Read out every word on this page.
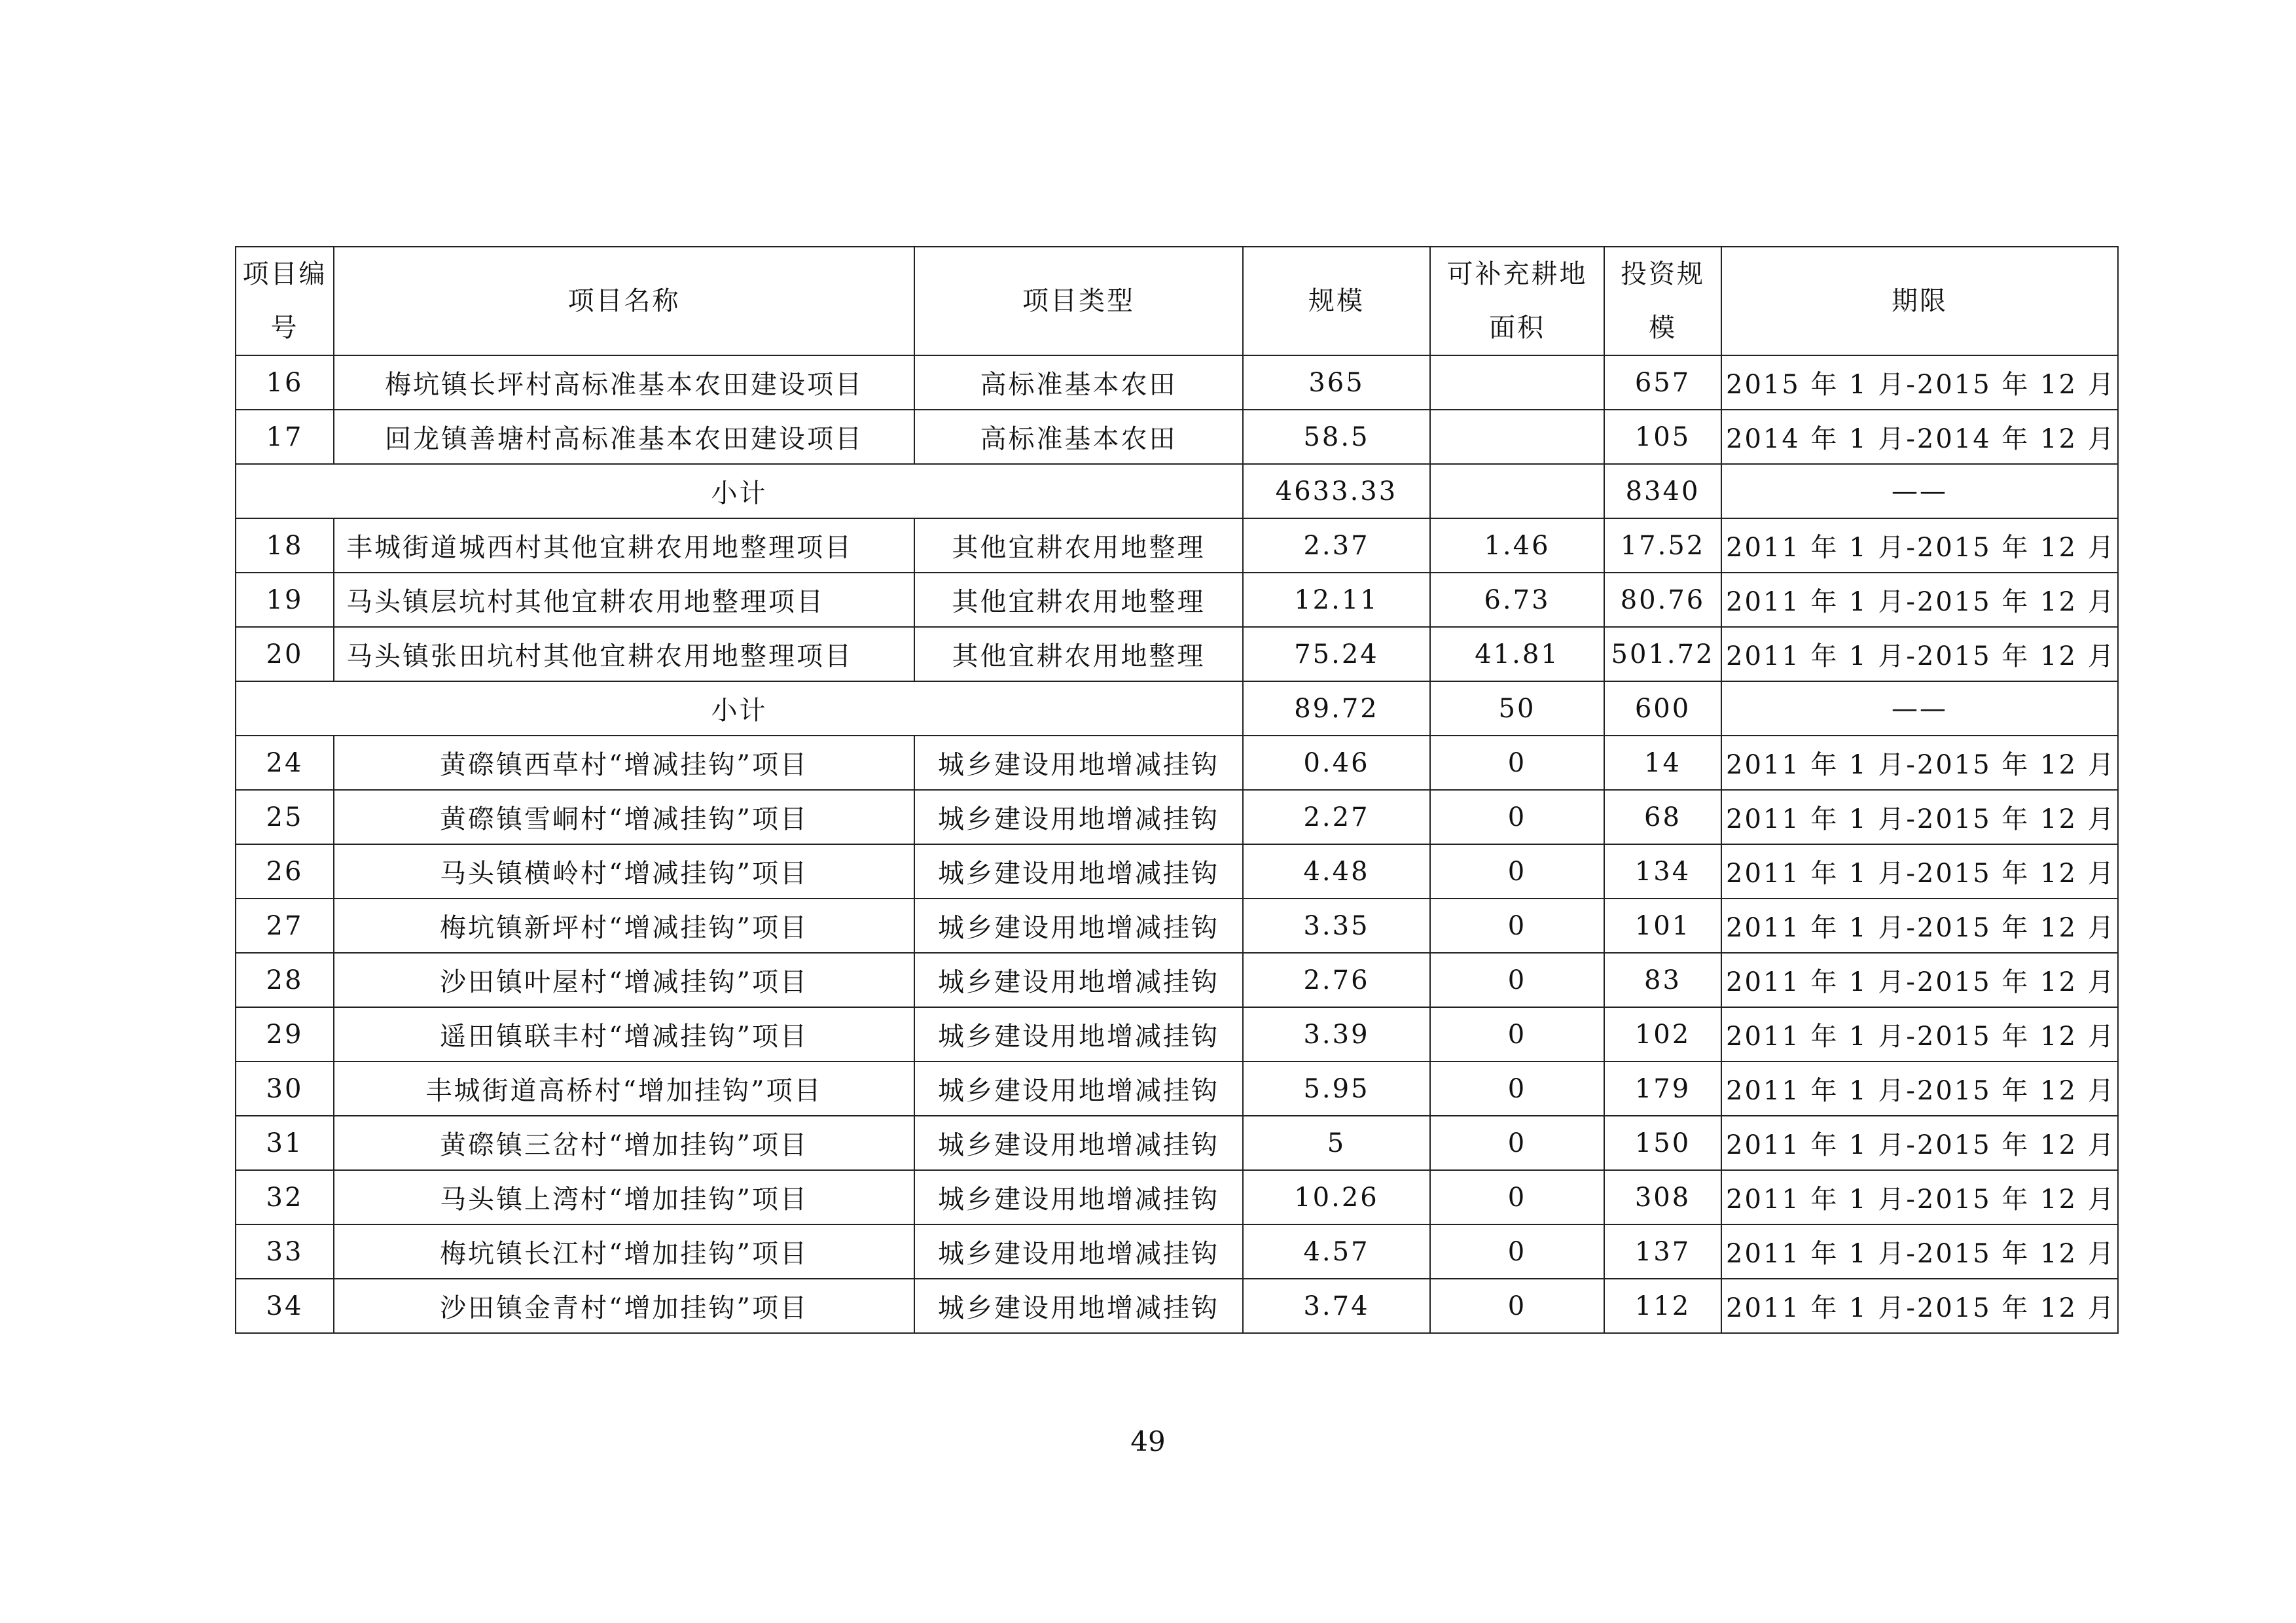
项目编号	项目名称	项目类型	规模	可补充耕地面积	投资规模	期限
16	梅坑镇长坪村高标准基本农田建设项目	高标准基本农田	365		657	2015 年 1 月-2015 年 12 月
17	回龙镇善塘村高标准基本农田建设项目	高标准基本农田	58.5		105	2014 年 1 月-2014 年 12 月
小计			4633.33		8340	——
18	丰城街道城西村其他宜耕农用地整理项目	其他宜耕农用地整理	2.37	1.46	17.52	2011 年 1 月-2015 年 12 月
19	马头镇层坑村其他宜耕农用地整理项目	其他宜耕农用地整理	12.11	6.73	80.76	2011 年 1 月-2015 年 12 月
20	马头镇张田坑村其他宜耕农用地整理项目	其他宜耕农用地整理	75.24	41.81	501.72	2011 年 1 月-2015 年 12 月
小计			89.72	50	600	——
24	黄磜镇西草村“增减挂钩”项目	城乡建设用地增减挂钩	0.46	0	14	2011 年 1 月-2015 年 12 月
25	黄磜镇雪峒村“增减挂钩”项目	城乡建设用地增减挂钩	2.27	0	68	2011 年 1 月-2015 年 12 月
26	马头镇横岭村“增减挂钩”项目	城乡建设用地增减挂钩	4.48	0	134	2011 年 1 月-2015 年 12 月
27	梅坑镇新坪村“增减挂钩”项目	城乡建设用地增减挂钩	3.35	0	101	2011 年 1 月-2015 年 12 月
28	沙田镇叶屋村“增减挂钩”项目	城乡建设用地增减挂钩	2.76	0	83	2011 年 1 月-2015 年 12 月
29	遥田镇联丰村“增减挂钩”项目	城乡建设用地增减挂钩	3.39	0	102	2011 年 1 月-2015 年 12 月
30	丰城街道高桥村“增加挂钩”项目	城乡建设用地增减挂钩	5.95	0	179	2011 年 1 月-2015 年 12 月
31	黄磜镇三岔村“增加挂钩”项目	城乡建设用地增减挂钩	5	0	150	2011 年 1 月-2015 年 12 月
32	马头镇上湾村“增加挂钩”项目	城乡建设用地增减挂钩	10.26	0	308	2011 年 1 月-2015 年 12 月
33	梅坑镇长江村“增加挂钩”项目	城乡建设用地增减挂钩	4.57	0	137	2011 年 1 月-2015 年 12 月
34	沙田镇金青村“增加挂钩”项目	城乡建设用地增减挂钩	3.74	0	112	2011 年 1 月-2015 年 12 月
49
